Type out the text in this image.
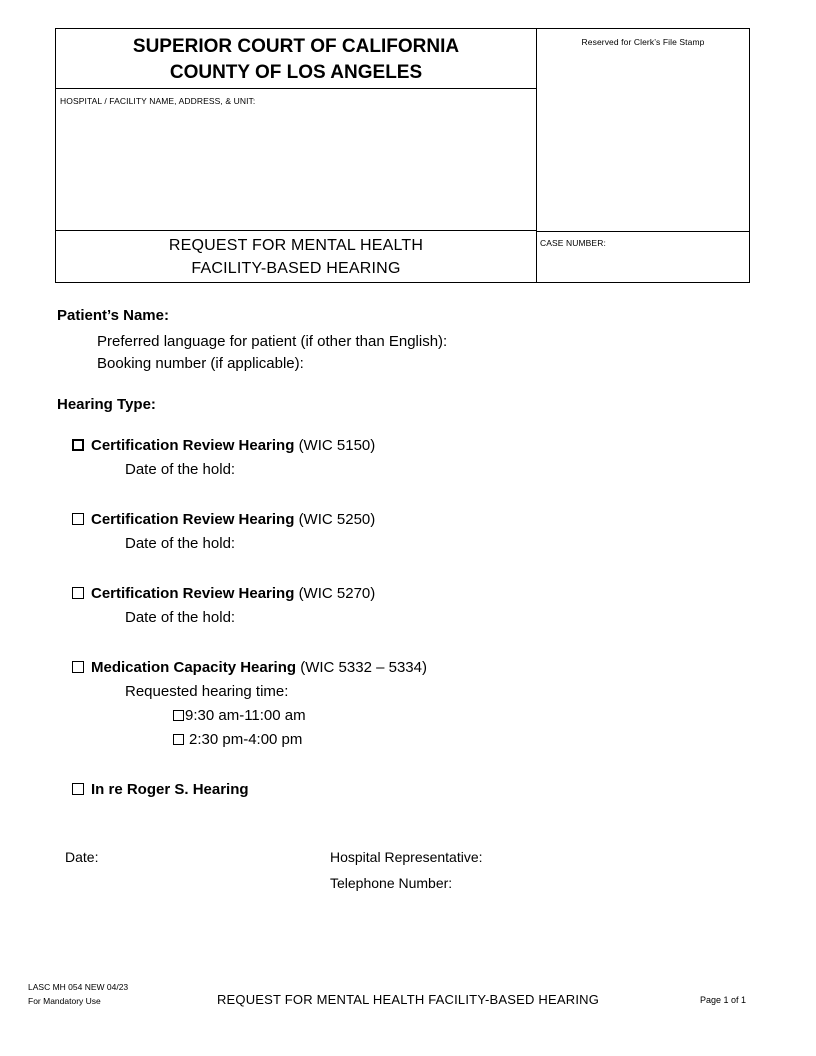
SUPERIOR COURT OF CALIFORNIA
COUNTY OF LOS ANGELES
HOSPITAL / FACILITY NAME, ADDRESS, & UNIT:
REQUEST FOR MENTAL HEALTH
FACILITY-BASED HEARING
Reserved for Clerk’s File Stamp
CASE NUMBER:
Patient’s Name:
Preferred language for patient (if other than English):
Booking number (if applicable):
Hearing Type:
Certification Review Hearing (WIC 5150)
Date of the hold:
Certification Review Hearing (WIC 5250)
Date of the hold:
Certification Review Hearing (WIC 5270)
Date of the hold:
Medication Capacity Hearing (WIC 5332 – 5334)
Requested hearing time:
9:30 am-11:00 am
2:30 pm-4:00 pm
In re Roger S. Hearing
Date:	Hospital Representative:
Telephone Number:
LASC MH 054 NEW 04/23
For Mandatory Use	REQUEST FOR MENTAL HEALTH FACILITY-BASED HEARING	Page 1 of 1
